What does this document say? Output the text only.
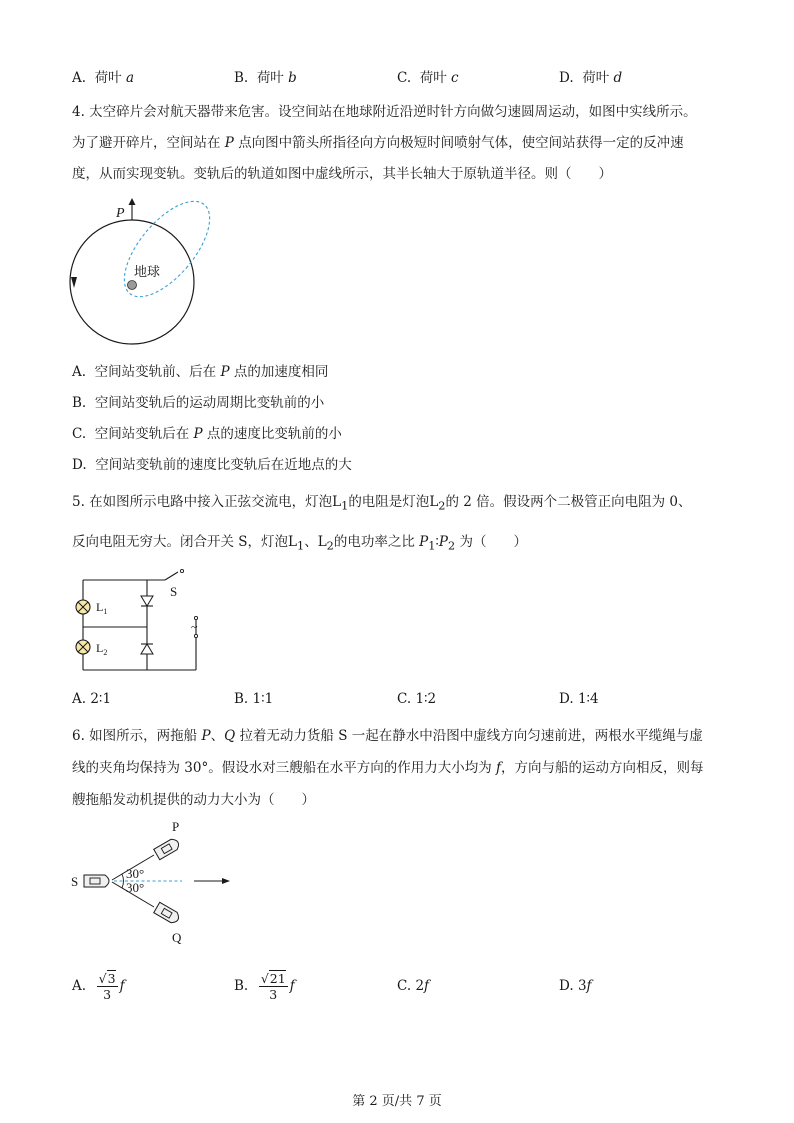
A. 荷叶 a	B. 荷叶 b	C. 荷叶 c	D. 荷叶 d
4. 太空碎片会对航天器带来危害。设空间站在地球附近沿逆时针方向做匀速圆周运动，如图中实线所示。
为了避开碎片，空间站在 P 点向图中箭头所指径向方向极短时间喷射气体，使空间站获得一定的反冲速
度，从而实现变轨。变轨后的轨道如图中虚线所示，其半长轴大于原轨道半径。则（　　）
P
地球
A. 空间站变轨前、后在 P 点的加速度相同
B. 空间站变轨后的运动周期比变轨前的小
C. 空间站变轨后在 P 点的速度比变轨前的小
D. 空间站变轨前的速度比变轨后在近地点的大
5. 在如图所示电路中接入正弦交流电，灯泡$L_1$的电阻是灯泡$L_2$的 2 倍。假设两个二极管正向电阻为 0、
反向电阻无穷大。闭合开关 S，灯泡$L_1$、$L_2$的电功率之比 $P_1∶P_2$ 为（　　）
$L_1$
$L_2$
S
~
A. 2∶1	B. 1∶1	C. 1∶2	D. 1∶4
6. 如图所示，两拖船 P、Q 拉着无动力货船 S 一起在静水中沿图中虚线方向匀速前进，两根水平缆绳与虚
线的夹角均保持为 30°。假设水对三艘船在水平方向的作用力大小均为 f，方向与船的运动方向相反，则每
艘拖船发动机提供的动力大小为（　　）
P
Q
S
30°
30°
A. $\frac{√3}{3}$ f	B. $\frac{√21}{3}$ f	C. 2f	D. 3f
第 2 页/共 7 页
